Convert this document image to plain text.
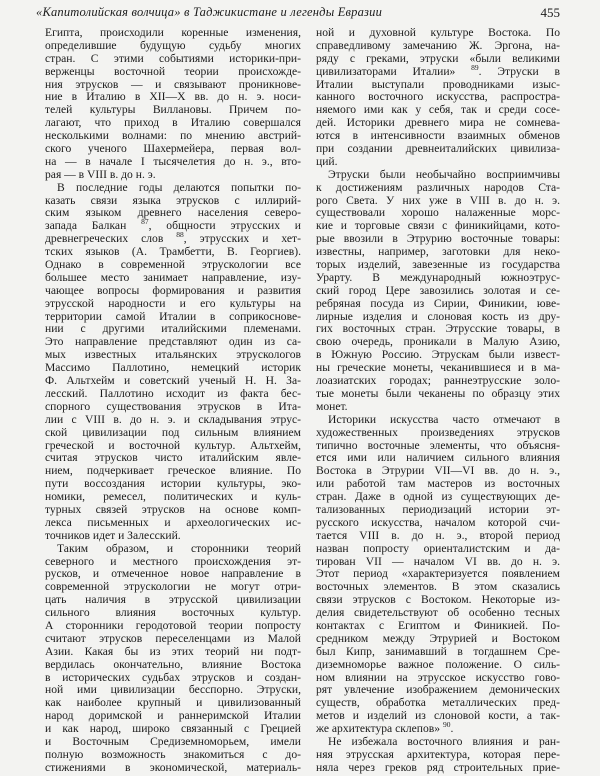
«Капитолийская волчица» в Таджикистане и легенды Евразии	455
Египта, происходили коренные изменения,
определившие будущую судьбу многих
стран. С этими событиями историки-при-
верженцы восточной теории происхожде-
ния этрусков — и связывают проникнове-
ние в Италию в XII—X вв. до н. э. носи-
телей культуры Виллановы. Причем по-
лагают, что приход в Италию совершался
несколькими волнами: по мнению австрий-
ского ученого Шахермейера, первая вол-
на — в начале I тысячелетия до н. э., вто-
рая — в VIII в. до н. э.
В последние годы делаются попытки по-
казать связи языка этрусков с иллирий-
ским языком древнего населения северо-
запада Балкан $^{87}$, общности этрусских и
древнегреческих слов $^{88}$, этрусских и хет-
тских языков (А. Трамбетти, В. Георгиев).
Однако в современной этрускологии все
большее место занимает направление, изу-
чающее вопросы формирования и развития
этрусской народности и его культуры на
территории самой Италии в соприкоснове-
нии с другими италийскими племенами.
Это направление представляют один из са-
мых известных итальянских этрускологов
Массимо Паллотино, немецкий историк
Ф. Альтхейм и советский ученый Н. Н. За-
лесский. Паллотино исходит из факта бес-
спорного существования этрусков в Ита-
лии с VIII в. до н. э. и складывания этрус-
ской цивилизации под сильным влиянием
греческой и восточной культур. Альтхейм,
считая этрусков чисто италийским явле-
нием, подчеркивает греческое влияние. По
пути воссоздания истории культуры, эко-
номики, ремесел, политических и куль-
турных связей этрусков на основе комп-
лекса письменных и археологических ис-
точников идет и Залесский.
Таким образом, и сторонники теорий
северного и местного происхождения эт-
русков, и отмеченное новое направление в
современной этрускологии не могут отри-
цать наличия в этрусской цивилизации
сильного влияния восточных культур.
А сторонники геродотовой теории попросту
считают этрусков переселенцами из Малой
Азии. Какая бы из этих теорий ни подт-
вердилась окончательно, влияние Востока
в исторических судьбах этрусков и создан-
ной ими цивилизации бесспорно. Этруски,
как наиболее крупный и цивилизованный
народ доримской и раннеримской Италии
и как народ, широко связанный с Грецией
и Восточным Средиземноморьем, имели
полную возможность знакомиться с до-
стижениями в экономической, материаль-
ной и духовной культуре Востока. По
справедливому замечанию Ж. Эргона, на-
ряду с греками, этруски «были великими
цивилизаторами Италии» $^{89}$. Этруски в
Италии выступали проводниками изыс-
канного восточного искусства, распростра-
няемого ими как у себя, так и среди сосе-
дей. Историки древнего мира не сомнева-
ются в интенсивности взаимных обменов
при создании древнеиталийских цивилиза-
ций.
Этруски были необычайно восприимчивы
к достижениям различных народов Ста-
рого Света. У них уже в VIII в. до н. э.
существовали хорошо налаженные морс-
кие и торговые связи с финикийцами, кото-
рые ввозили в Этрурию восточные товары:
известны, например, заготовки для неко-
торых изделий, завезенные из государства
Урарту. В международный южноэтрус-
ский город Цере завозились золотая и се-
ребряная посуда из Сирии, Финикии, юве-
лирные изделия и слоновая кость из дру-
гих восточных стран. Этрусские товары, в
свою очередь, проникали в Малую Азию,
в Южную Россию. Этрускам были извест-
ны греческие монеты, чеканившиеся и в ма-
лоазиатских городах; раннеэтрусские золо-
тые монеты были чеканены по образцу этих
монет.
Историки искусства часто отмечают в
художественных произведениях этрусков
типично восточные элементы, что объясня-
ется ими или наличием сильного влияния
Востока в Этрурии VII—VI вв. до н. э.,
или работой там мастеров из восточных
стран. Даже в одной из существующих де-
тализованных периодизаций истории эт-
русского искусства, началом которой счи-
тается VIII в. до н. э., второй период
назван попросту ориенталистским и да-
тирован VII — началом VI вв. до н. э.
Этот период «характеризуется появлением
восточных элементов. В этом сказались
связи этрусков с Востоком. Некоторые из-
делия свидетельствуют об особенно тесных
контактах с Египтом и Финикией. По-
средником между Этрурией и Востоком
был Кипр, занимавший в тогдашнем Сре-
диземноморье важное положение. О силь-
ном влиянии на этрусское искусство гово-
рят увлечение изображением демонических
существ, обработка металлических пред-
метов и изделий из слоновой кости, а так-
же архитектура склепов» $^{90}$.
Не избежала восточного влияния и ран-
няя этрусская архитектура, которая пере-
няла через греков ряд строительных прие-
